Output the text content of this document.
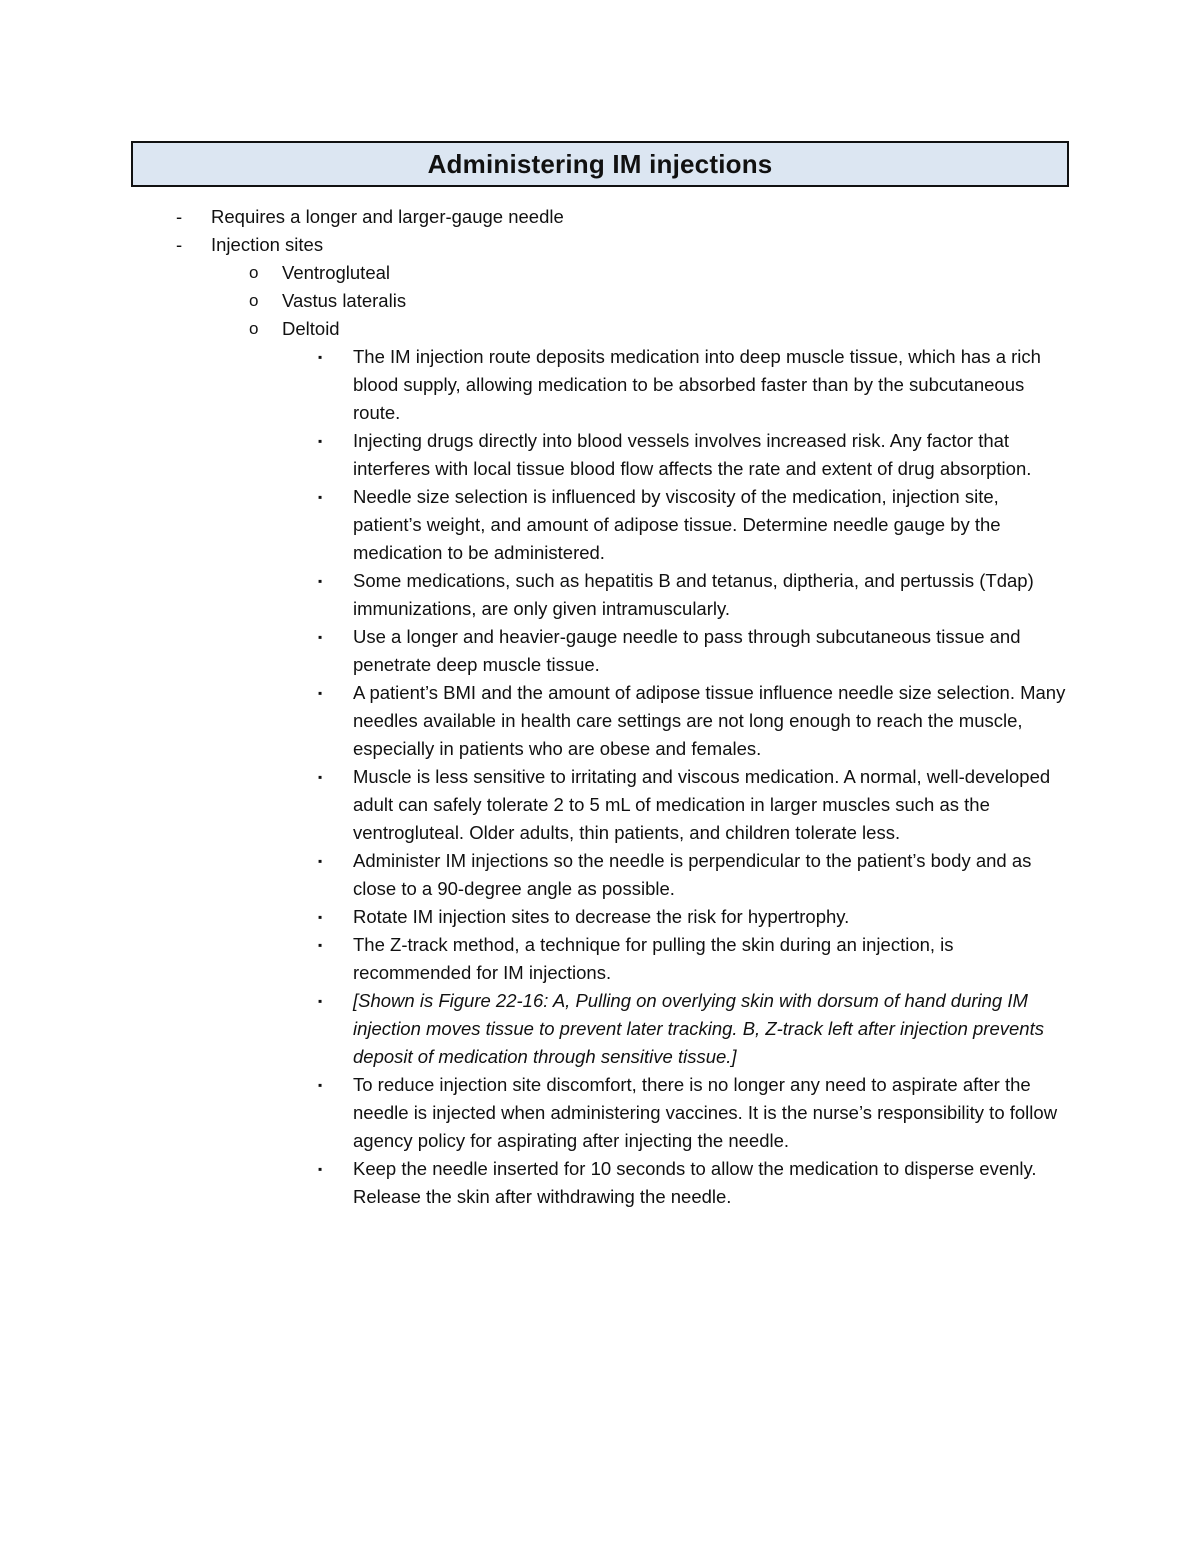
Administering IM injections
- Requires a longer and larger-gauge needle
- Injection sites
o Ventrogluteal
o Vastus lateralis
o Deltoid
▪ The IM injection route deposits medication into deep muscle tissue, which has a rich blood supply, allowing medication to be absorbed faster than by the subcutaneous route.
▪ Injecting drugs directly into blood vessels involves increased risk. Any factor that interferes with local tissue blood flow affects the rate and extent of drug absorption.
▪ Needle size selection is influenced by viscosity of the medication, injection site, patient’s weight, and amount of adipose tissue. Determine needle gauge by the medication to be administered.
▪ Some medications, such as hepatitis B and tetanus, diptheria, and pertussis (Tdap) immunizations, are only given intramuscularly.
▪ Use a longer and heavier-gauge needle to pass through subcutaneous tissue and penetrate deep muscle tissue.
▪ A patient’s BMI and the amount of adipose tissue influence needle size selection. Many needles available in health care settings are not long enough to reach the muscle, especially in patients who are obese and females.
▪ Muscle is less sensitive to irritating and viscous medication. A normal, well-developed adult can safely tolerate 2 to 5 mL of medication in larger muscles such as the ventrogluteal. Older adults, thin patients, and children tolerate less.
▪ Administer IM injections so the needle is perpendicular to the patient’s body and as close to a 90-degree angle as possible.
▪ Rotate IM injection sites to decrease the risk for hypertrophy.
▪ The Z-track method, a technique for pulling the skin during an injection, is recommended for IM injections.
▪ [Shown is Figure 22-16: A, Pulling on overlying skin with dorsum of hand during IM injection moves tissue to prevent later tracking. B, Z-track left after injection prevents deposit of medication through sensitive tissue.]
▪ To reduce injection site discomfort, there is no longer any need to aspirate after the needle is injected when administering vaccines. It is the nurse’s responsibility to follow agency policy for aspirating after injecting the needle.
▪ Keep the needle inserted for 10 seconds to allow the medication to disperse evenly. Release the skin after withdrawing the needle.
